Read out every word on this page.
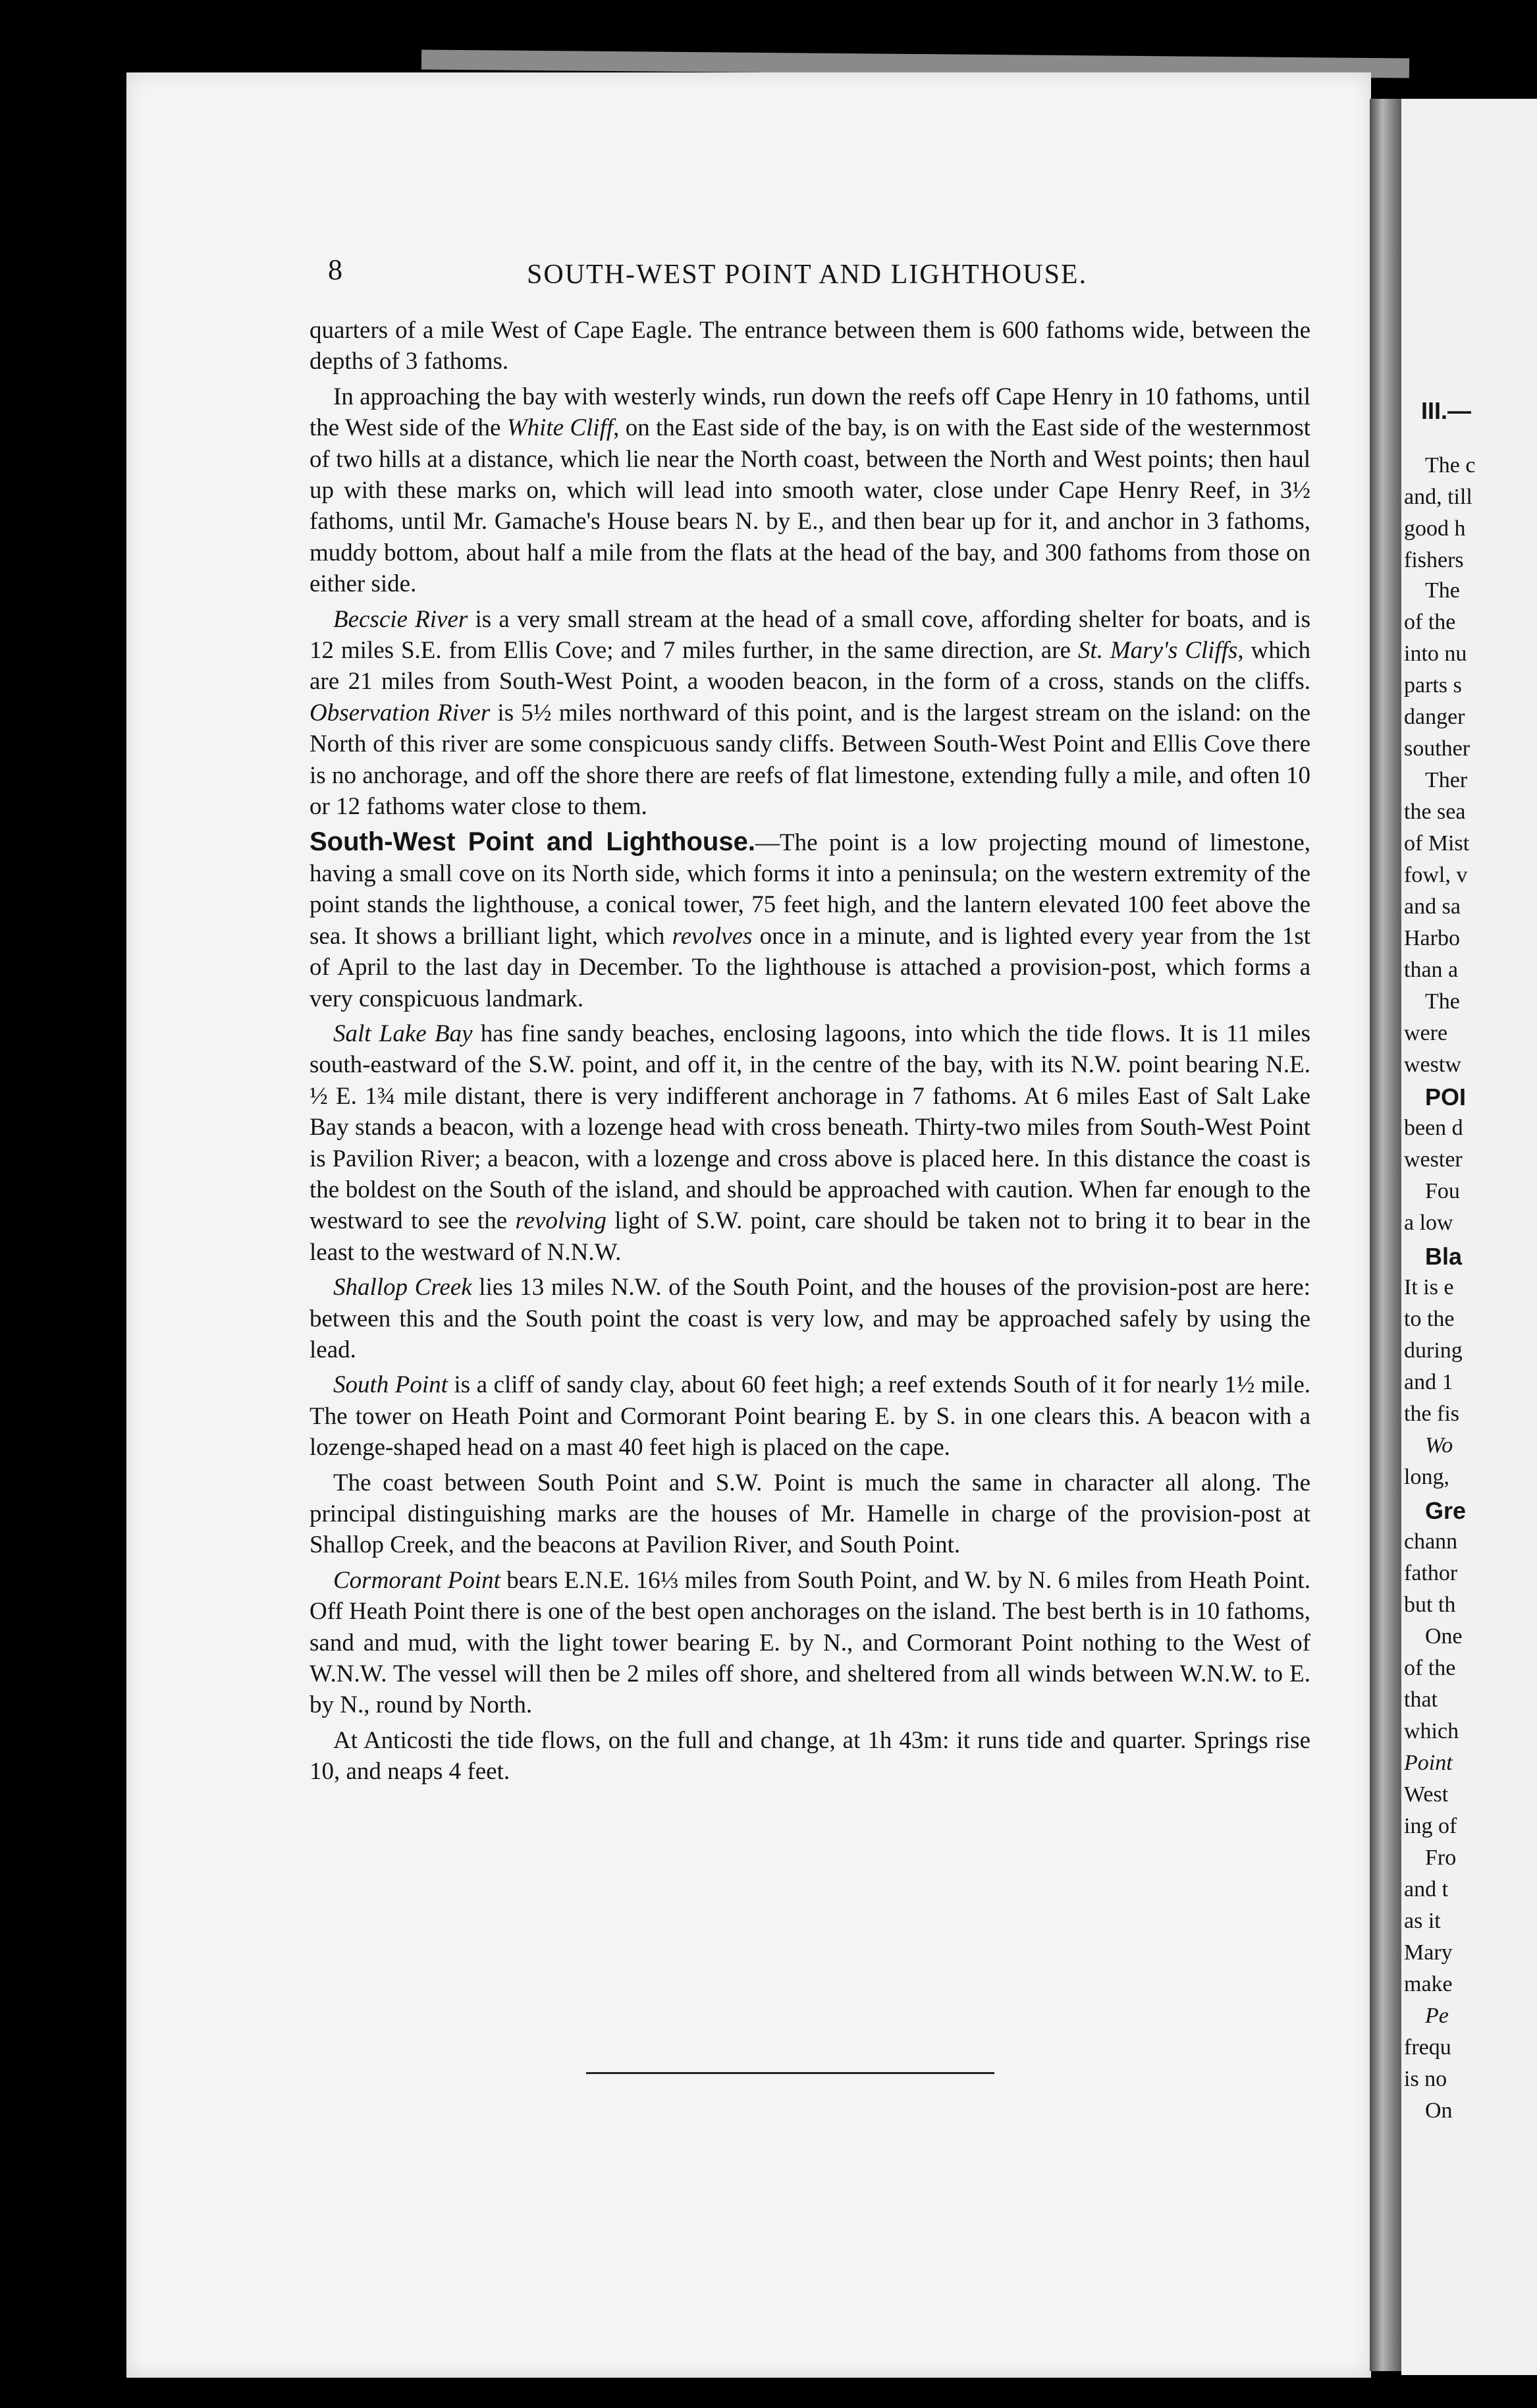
III.—
The c
and, till
good h
fishers
The
of the
into nu
parts s
danger
souther
Ther
the sea
of Mist
fowl, v
and sa
Harbo
than a
The
were
westw
POI
been d
wester
Fou
a low
Bla
It is e
to the
during
and 1
the fis
Wo
long,
Gre
chann
fathor
but th
One
of the
that
which
Point
West
ing of
Fro
and t
as it
Mary
make
Pe
frequ
is no
On
8	SOUTH-WEST POINT AND LIGHTHOUSE.

quarters of a mile West of Cape Eagle. The entrance between them is 600 fathoms wide, between the depths of 3 fathoms.

In approaching the bay with westerly winds, run down the reefs off Cape Henry in 10 fathoms, until the West side of the White Cliff, on the East side of the bay, is on with the East side of the westernmost of two hills at a distance, which lie near the North coast, between the North and West points; then haul up with these marks on, which will lead into smooth water, close under Cape Henry Reef, in 3½ fathoms, until Mr. Gamache's House bears N. by E., and then bear up for it, and anchor in 3 fathoms, muddy bottom, about half a mile from the flats at the head of the bay, and 300 fathoms from those on either side.

Becscie River is a very small stream at the head of a small cove, affording shelter for boats, and is 12 miles S.E. from Ellis Cove; and 7 miles further, in the same direction, are St. Mary's Cliffs, which are 21 miles from South-West Point, a wooden beacon, in the form of a cross, stands on the cliffs. Observation River is 5½ miles northward of this point, and is the largest stream on the island: on the North of this river are some conspicuous sandy cliffs. Between South-West Point and Ellis Cove there is no anchorage, and off the shore there are reefs of flat limestone, extending fully a mile, and often 10 or 12 fathoms water close to them.

South-West Point and Lighthouse.—The point is a low projecting mound of limestone, having a small cove on its North side, which forms it into a peninsula; on the western extremity of the point stands the lighthouse, a conical tower, 75 feet high, and the lantern elevated 100 feet above the sea. It shows a brilliant light, which revolves once in a minute, and is lighted every year from the 1st of April to the last day in December. To the lighthouse is attached a provision-post, which forms a very conspicuous landmark.

Salt Lake Bay has fine sandy beaches, enclosing lagoons, into which the tide flows. It is 11 miles south-eastward of the S.W. point, and off it, in the centre of the bay, with its N.W. point bearing N.E. ½ E. 1¾ mile distant, there is very indifferent anchorage in 7 fathoms. At 6 miles East of Salt Lake Bay stands a beacon, with a lozenge head with cross beneath. Thirty-two miles from South-West Point is Pavilion River; a beacon, with a lozenge and cross above is placed here. In this distance the coast is the boldest on the South of the island, and should be approached with caution. When far enough to the westward to see the revolving light of S.W. point, care should be taken not to bring it to bear in the least to the westward of N.N.W.

Shallop Creek lies 13 miles N.W. of the South Point, and the houses of the provision-post are here: between this and the South point the coast is very low, and may be approached safely by using the lead.

South Point is a cliff of sandy clay, about 60 feet high; a reef extends South of it for nearly 1½ mile. The tower on Heath Point and Cormorant Point bearing E. by S. in one clears this. A beacon with a lozenge-shaped head on a mast 40 feet high is placed on the cape.

The coast between South Point and S.W. Point is much the same in character all along. The principal distinguishing marks are the houses of Mr. Hamelle in charge of the provision-post at Shallop Creek, and the beacons at Pavilion River, and South Point.

Cormorant Point bears E.N.E. 16⅓ miles from South Point, and W. by N. 6 miles from Heath Point. Off Heath Point there is one of the best open anchorages on the island. The best berth is in 10 fathoms, sand and mud, with the light tower bearing E. by N., and Cormorant Point nothing to the West of W.N.W. The vessel will then be 2 miles off shore, and sheltered from all winds between W.N.W. to E. by N., round by North.

At Anticosti the tide flows, on the full and change, at 1h 43m: it runs tide and quarter. Springs rise 10, and neaps 4 feet.
